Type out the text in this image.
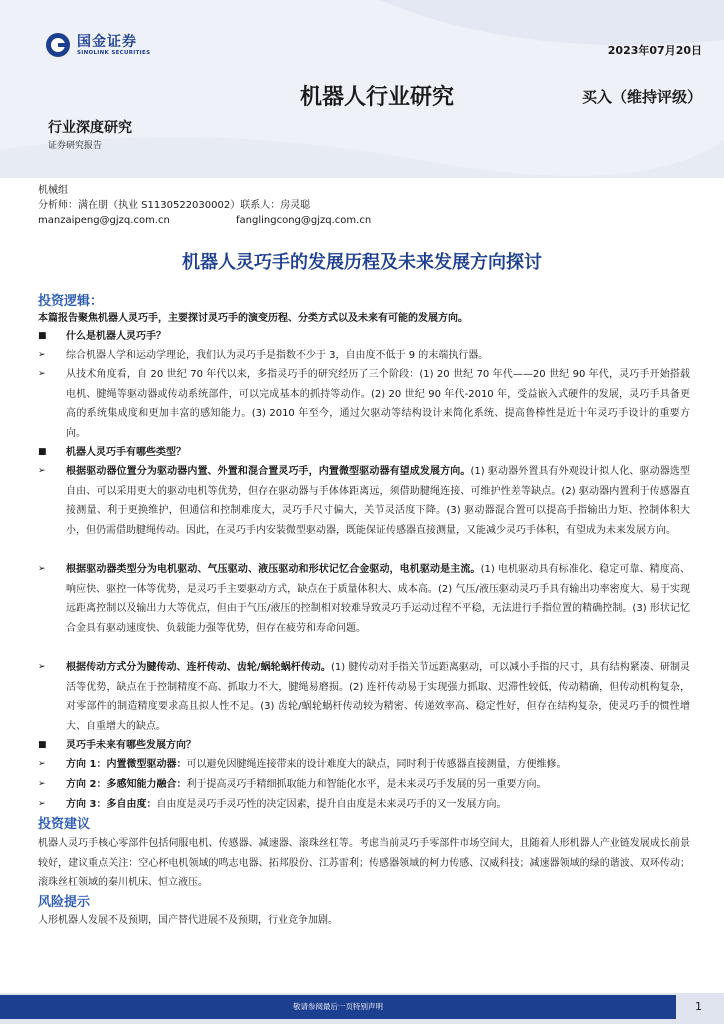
国金证券
SINOLINK SECURITIES	2023年07月20日
机器人行业研究	买入（维持评级）
行业深度研究
证券研究报告
机械组
分析师：满在朋（执业 S1130522030002）联系人：房灵聪
manzaipeng@gjzq.com.cn	fanglingcong@gjzq.com.cn
机器人灵巧手的发展历程及未来发展方向探讨
投资逻辑：
本篇报告聚焦机器人灵巧手，主要探讨灵巧手的演变历程、分类方式以及未来有可能的发展方向。
■	什么是机器人灵巧手？
➢	综合机器人学和运动学理论，我们认为灵巧手是指数不少于 3，自由度不低于 9 的末端执行器。
➢	从技术角度看，自 20 世纪 70 年代以来，多指灵巧手的研究经历了三个阶段：(1) 20 世纪 70 年代——20 世纪 90 年代，灵巧手开始搭载电机、腱绳等驱动器或传动系统部件，可以完成基本的抓持等动作。(2) 20 世纪 90 年代-2010 年，受益嵌入式硬件的发展，灵巧手具备更高的系统集成度和更加丰富的感知能力。(3) 2010 年至今，通过欠驱动等结构设计来简化系统、提高鲁棒性是近十年灵巧手设计的重要方向。
■	机器人灵巧手有哪些类型？
➢	根据驱动器位置分为驱动器内置、外置和混合置灵巧手，内置微型驱动器有望成发展方向。(1) 驱动器外置具有外观设计拟人化、驱动器选型自由、可以采用更大的驱动电机等优势，但存在驱动器与手体体距离远，须借助腱绳连接、可维护性差等缺点。(2) 驱动器内置利于传感器直接测量、利于更换维护，但通信和控制难度大，灵巧手尺寸偏大，关节灵活度下降。(3) 驱动器混合置可以提高手指输出力矩、控制体积大小，但仍需借助腱绳传动。因此，在灵巧手内安装微型驱动器，既能保证传感器直接测量，又能减少灵巧手体积，有望成为未来发展方向。
➢	根据驱动器类型分为电机驱动、气压驱动、液压驱动和形状记忆合金驱动，电机驱动是主流。(1) 电机驱动具有标准化、稳定可靠、精度高、响应快、驱控一体等优势，是灵巧手主要驱动方式，缺点在于质量体积大、成本高。(2) 气压/液压驱动灵巧手具有输出功率密度大、易于实现远距离控制以及输出力大等优点，但由于气压/液压的控制相对较难导致灵巧手运动过程不平稳，无法进行手指位置的精确控制。(3) 形状记忆合金具有驱动速度快、负载能力强等优势，但存在疲劳和寿命问题。
➢	根据传动方式分为腱传动、连杆传动、齿轮/蜗轮蜗杆传动。(1) 腱传动对手指关节远距离驱动，可以减小手指的尺寸，具有结构紧凑、研制灵活等优势，缺点在于控制精度不高、抓取力不大，腱绳易磨损。(2) 连杆传动易于实现强力抓取、迟滞性较低，传动精确，但传动机构复杂，对零部件的制造精度要求高且拟人性不足。(3) 齿轮/蜗轮蜗杆传动较为精密、传递效率高、稳定性好，但存在结构复杂，使灵巧手的惯性增大、自重增大的缺点。
■	灵巧手未来有哪些发展方向？
➢	方向 1：内置微型驱动器：可以避免因腱绳连接带来的设计难度大的缺点，同时利于传感器直接测量，方便维修。
➢	方向 2：多感知能力融合：利于提高灵巧手精细抓取能力和智能化水平，是未来灵巧手发展的另一重要方向。
➢	方向 3：多自由度：自由度是灵巧手灵巧性的决定因素，提升自由度是未来灵巧手的又一发展方向。
投资建议
机器人灵巧手核心零部件包括伺服电机、传感器、减速器、滚珠丝杠等。考虑当前灵巧手零部件市场空间大，且随着人形机器人产业链发展成长前景较好，建议重点关注：空心杯电机领域的鸣志电器、拓邦股份、江苏雷利；传感器领域的柯力传感、汉威科技；减速器领域的绿的谐波、双环传动；滚珠丝杠领域的秦川机床、恒立液压。
风险提示
人形机器人发展不及预期，国产替代进展不及预期，行业竞争加剧。
敬请参阅最后一页特别声明	1
